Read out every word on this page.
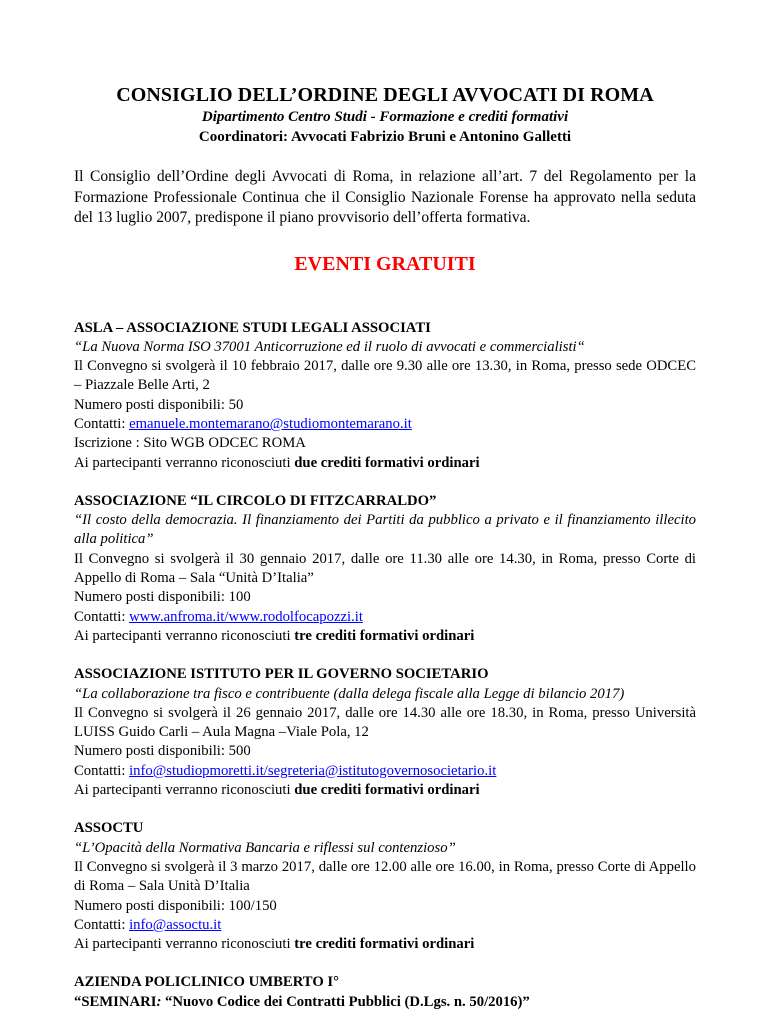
CONSIGLIO DELL’ORDINE DEGLI AVVOCATI DI ROMA

Dipartimento Centro Studi - Formazione e crediti formativi

Coordinatori: Avvocati Fabrizio Bruni e Antonino Galletti

Il Consiglio dell’Ordine degli Avvocati di Roma, in relazione all’art. 7 del Regolamento per la Formazione Professionale Continua che il Consiglio Nazionale Forense ha approvato nella seduta del 13 luglio 2007, predispone il piano provvisorio dell’offerta formativa.

EVENTI GRATUITI

ASLA – ASSOCIAZIONE STUDI LEGALI ASSOCIATI

“La Nuova Norma ISO 37001 Anticorruzione ed il ruolo di avvocati e commercialisti“

Il Convegno si svolgerà il 10 febbraio 2017, dalle ore 9.30 alle ore 13.30, in Roma, presso sede ODCEC – Piazzale Belle Arti, 2

Numero posti disponibili: 50

Contatti: emanuele.montemarano@studiomontemarano.it

Iscrizione : Sito WGB ODCEC ROMA

Ai partecipanti verranno riconosciuti due crediti formativi ordinari

ASSOCIAZIONE “IL CIRCOLO DI FITZCARRALDO”

“Il costo della democrazia. Il finanziamento dei Partiti da pubblico a privato e il finanziamento illecito alla politica”

Il Convegno si svolgerà il 30 gennaio 2017, dalle ore 11.30 alle ore 14.30, in Roma, presso Corte di Appello di Roma – Sala “Unità D’Italia”

Numero posti disponibili: 100

Contatti: www.anfroma.it/www.rodolfocapozzi.it

Ai partecipanti verranno riconosciuti tre crediti formativi ordinari

ASSOCIAZIONE ISTITUTO PER IL GOVERNO SOCIETARIO

“La collaborazione tra fisco e contribuente (dalla delega fiscale alla Legge di bilancio 2017)

Il Convegno si svolgerà il 26 gennaio 2017, dalle ore 14.30 alle ore 18.30, in Roma, presso Università LUISS Guido Carli – Aula Magna –Viale Pola, 12

Numero posti disponibili: 500

Contatti: info@studiopmoretti.it/segreteria@istitutogovernosocietario.it

Ai partecipanti verranno riconosciuti due crediti formativi ordinari

ASSOCTU

“L’Opacità della Normativa Bancaria e riflessi sul contenzioso”

Il Convegno si svolgerà il 3 marzo 2017, dalle ore 12.00 alle ore 16.00, in Roma, presso Corte di Appello di Roma – Sala Unità D’Italia

Numero posti disponibili: 100/150

Contatti: info@assoctu.it

Ai partecipanti verranno riconosciuti tre crediti formativi ordinari

AZIENDA POLICLINICO UMBERTO I°

“SEMINARI: “Nuovo Codice dei Contratti Pubblici (D.Lgs. n. 50/2016)”
